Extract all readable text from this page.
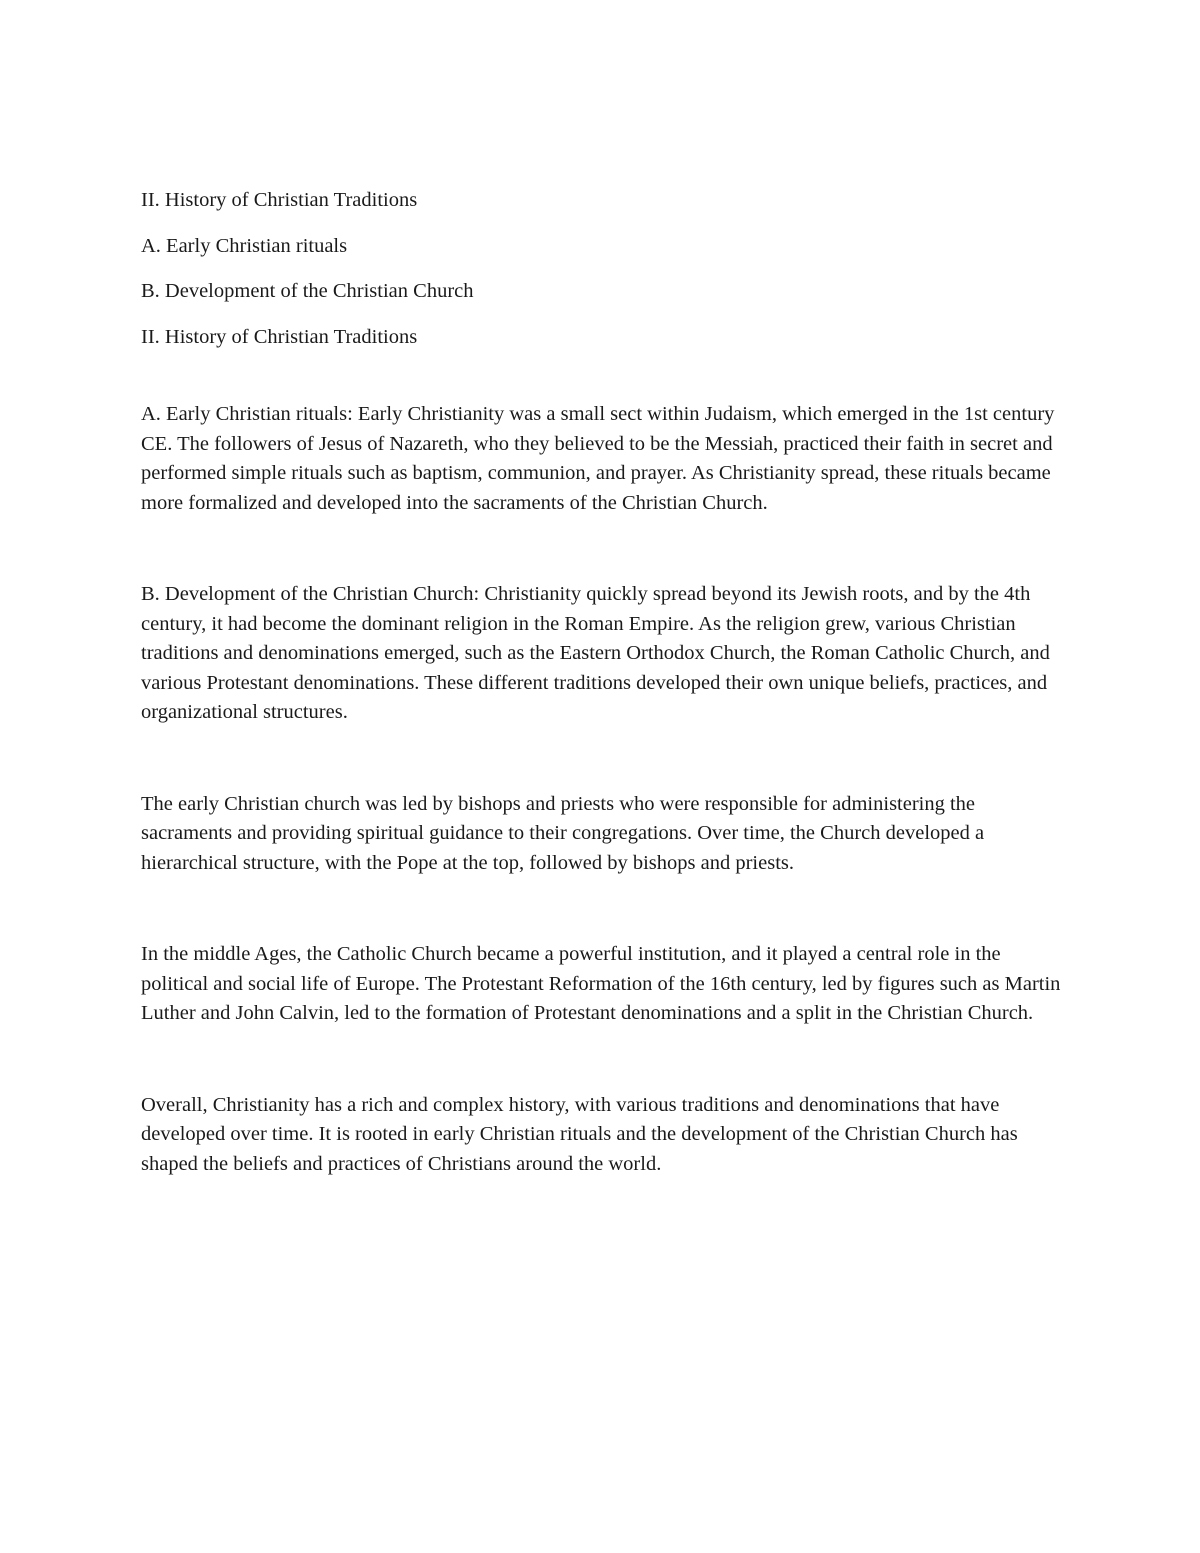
II. History of Christian Traditions
A. Early Christian rituals
B. Development of the Christian Church
II. History of Christian Traditions

A. Early Christian rituals: Early Christianity was a small sect within Judaism, which emerged in the 1st century CE. The followers of Jesus of Nazareth, who they believed to be the Messiah, practiced their faith in secret and performed simple rituals such as baptism, communion, and prayer. As Christianity spread, these rituals became more formalized and developed into the sacraments of the Christian Church.

B. Development of the Christian Church: Christianity quickly spread beyond its Jewish roots, and by the 4th century, it had become the dominant religion in the Roman Empire. As the religion grew, various Christian traditions and denominations emerged, such as the Eastern Orthodox Church, the Roman Catholic Church, and various Protestant denominations. These different traditions developed their own unique beliefs, practices, and organizational structures.

The early Christian church was led by bishops and priests who were responsible for administering the sacraments and providing spiritual guidance to their congregations. Over time, the Church developed a hierarchical structure, with the Pope at the top, followed by bishops and priests.

In the middle Ages, the Catholic Church became a powerful institution, and it played a central role in the political and social life of Europe. The Protestant Reformation of the 16th century, led by figures such as Martin Luther and John Calvin, led to the formation of Protestant denominations and a split in the Christian Church.

Overall, Christianity has a rich and complex history, with various traditions and denominations that have developed over time. It is rooted in early Christian rituals and the development of the Christian Church has shaped the beliefs and practices of Christians around the world.
